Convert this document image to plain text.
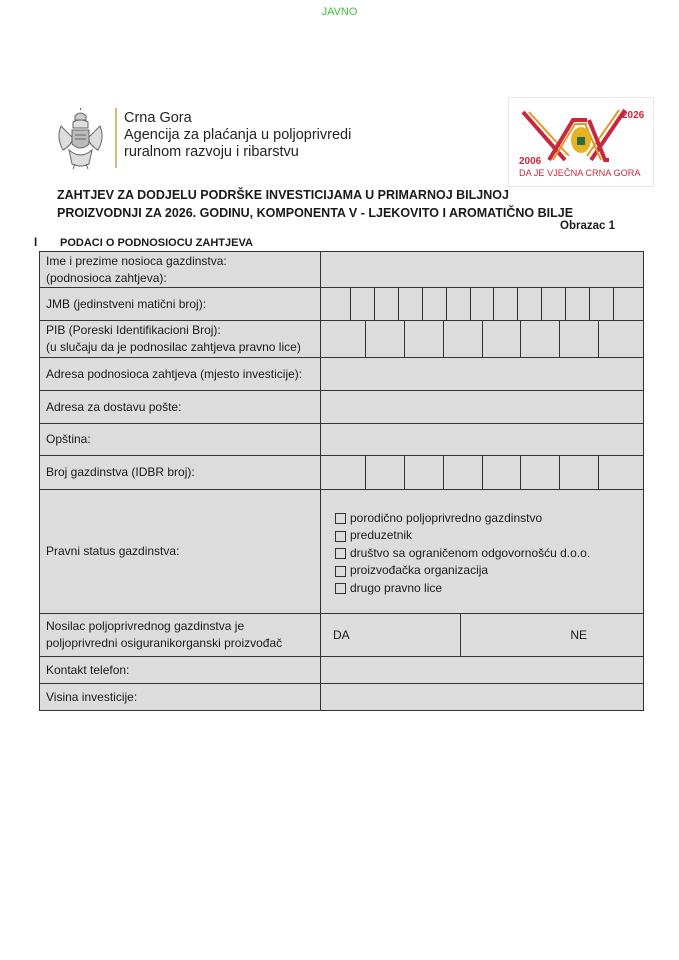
JAVNO
Crna Gora
Agencija za plaćanja u poljoprivredi
ruralnom razvoju i ribarstvu
2006
2026
DA JE VJEČNA CRNA GORA
ZAHTJEV ZA DODJELU PODRŠKE INVESTICIJAMA U PRIMARNOJ BILJNOJ
PROIZVODNJI ZA 2026. GODINU, KOMPONENTA V - LJEKOVITO I AROMATIČNO BILJE
Obrazac 1
I PODACI O PODNOSIOCU ZAHTJEVA
Ime i prezime nosioca gazdinstva:
(podnosioca zahtjeva):	

JMB (jedinstveni matični broj):	

PIB (Poreski Identifikacioni Broj):
(u slučaju da je podnosilac zahtjeva pravno lice)	

Adresa podnosioca zahtjeva (mjesto investicije):	
Adresa za dostavu pošte:	
Opština:	
Broj gazdinstva (IDBR broj):	

Pravni status gazdinstva:	porodično poljoprivredno gazdinstvo
preduzetnik
društvo sa ograničenom odgovornošću d.o.o.
proizvođačka organizacija
drugo pravno lice

Nosilac poljoprivrednog gazdinstva je
poljoprivredni osiguranikorganski proizvođač

DA	NE

Kontakt telefon:	
Visina investicije:	
